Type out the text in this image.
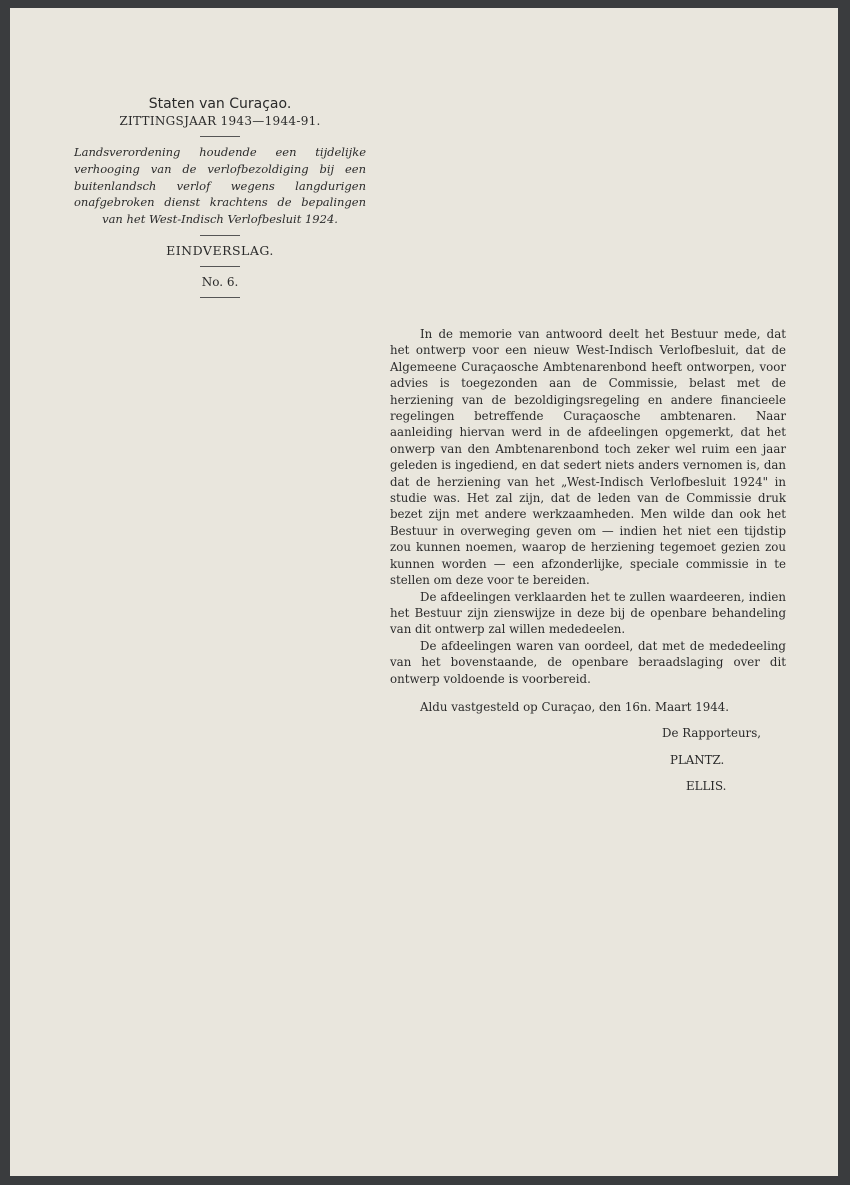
Staten van Curaçao.
ZITTINGSJAAR 1943—1944-91.
Landsverordening houdende een tijdelijke verhooging van de verlofbezoldiging bij een buitenlandsch verlof wegens langdurigen onafgebroken dienst krachtens de bepalingen van het West-Indisch Verlofbesluit 1924.
EINDVERSLAG.
No. 6.

In de memorie van antwoord deelt het Bestuur mede, dat het ontwerp voor een nieuw West-Indisch Verlofbesluit, dat de Algemeene Curaçaosche Ambtenarenbond heeft ontworpen, voor advies is toegezonden aan de Commissie, belast met de herziening van de bezoldigingsregeling en andere financieele regelingen betreffende Curaçaosche ambtenaren. Naar aanleiding hiervan werd in de afdeelingen opgemerkt, dat het onwerp van den Ambtenarenbond toch zeker wel ruim een jaar geleden is ingediend, en dat sedert niets anders vernomen is, dan dat de herziening van het „West-Indisch Verlofbesluit 1924" in studie was. Het zal zijn, dat de leden van de Commissie druk bezet zijn met andere werkzaamheden. Men wilde dan ook het Bestuur in overweging geven om — indien het niet een tijdstip zou kunnen noemen, waarop de herziening tegemoet gezien zou kunnen worden — een afzonderlijke, speciale commissie in te stellen om deze voor te bereiden.

De afdeelingen verklaarden het te zullen waardeeren, indien het Bestuur zijn zienswijze in deze bij de openbare behandeling van dit ontwerp zal willen mededeelen.

De afdeelingen waren van oordeel, dat met de mededeeling van het bovenstaande, de openbare beraadslaging over dit ontwerp voldoende is voorbereid.

Aldu vastgesteld op Curaçao, den 16n. Maart 1944.

De Rapporteurs,
PLANTZ.
ELLIS.
